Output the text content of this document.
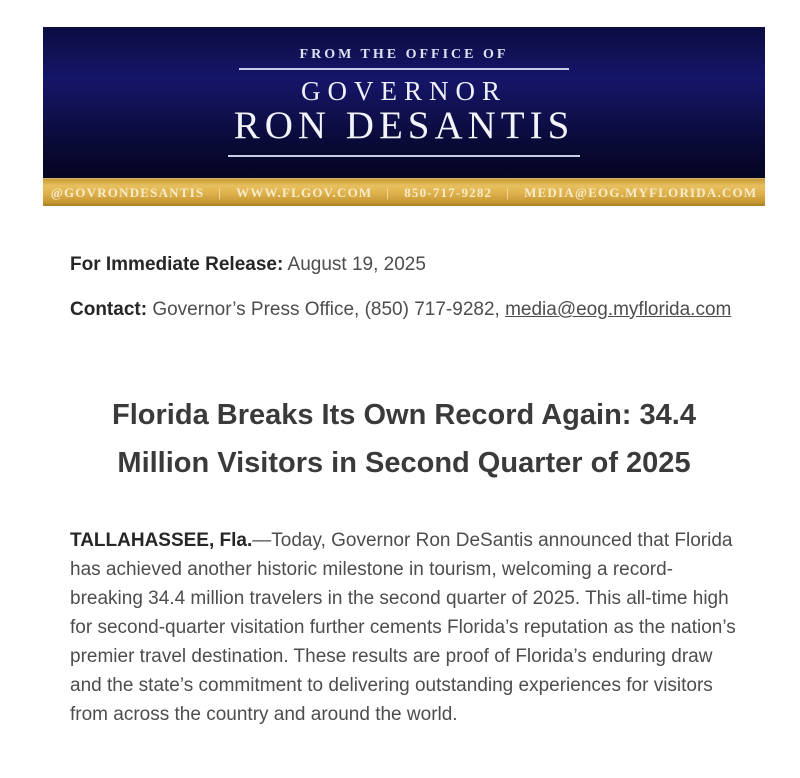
FROM THE OFFICE OF
GOVERNOR
RON DESANTIS
@GOVRONDESANTIS	|	WWW.FLGOV.COM	|	850-717-9282	|	MEDIA@EOG.MYFLORIDA.COM

For Immediate Release: August 19, 2025

Contact: Governor’s Press Office, (850) 717-9282, media@eog.myflorida.com

Florida Breaks Its Own Record Again: 34.4 Million Visitors in Second Quarter of 2025

TALLAHASSEE, Fla.—Today, Governor Ron DeSantis announced that Florida has achieved another historic milestone in tourism, welcoming a record-breaking 34.4 million travelers in the second quarter of 2025. This all-time high for second-quarter visitation further cements Florida’s reputation as the nation’s premier travel destination. These results are proof of Florida’s enduring draw and the state’s commitment to delivering outstanding experiences for visitors from across the country and around the world.
